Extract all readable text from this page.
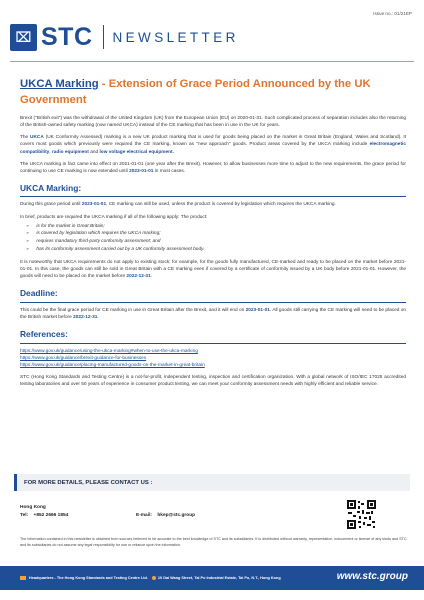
Issue no.: 01/21EP
⌧ STC NEWSLETTER
UKCA Marking - Extension of Grace Period Announced by the UK Government

Brexit ("British exit") was the withdrawal of the United Kingdom (UK) from the European Union (EU) on 2020-01-31. Such complicated process of separation includes also the returning of the British-owned safety marking (now named UKCA) instead of the CE marking that has been in use in the UK for years.

The UKCA (UK Conformity Assessed) marking is a new UK product marking that is used for goods being placed on the market in Great Britain (England, Wales and Scotland). It covers most goods which previously were required the CE marking, known as "new approach" goods. Product areas covered by the UKCA marking include electromagnetic compatibility, radio equipment and low voltage electrical equipment.

The UKCA marking in fact came into effect on 2021-01-01 (one year after the Brexit). However, to allow businesses more time to adjust to the new requirements, the grace period for continuing to use CE marking is now extended until 2023-01-01 in most cases.

UKCA Marking:

During this grace period until 2023-01-01, CE marking can still be used, unless the product is covered by legislation which requires the UKCA marking.

In brief, products are required the UKCA marking if all of the following apply: The product:

➢ is for the market in Great Britain;
➢ is covered by legislation which requires the UKCA marking;
➢ requires mandatory third-party conformity assessment; and
➢ has its conformity assessment carried out by a UK conformity assessment body.

It is noteworthy that UKCA requirements do not apply to existing stock; for example, for the goods fully manufactured, CE-marked and ready to be placed on the market before 2021-01-01. In this case, the goods can still be sold in Great Britain with a CE marking even if covered by a certificate of conformity issued by a UK body before 2021-01-01. However, the goods will need to be placed on the market before 2022-12-31.

Deadline:

This could be the final grace period for CE marking in use in Great Britain after the Brexit, and it will end on 2023-01-01. All goods still carrying the CE marking will need to be placed on the British market before 2022-12-31.

References:
https://www.gov.uk/guidance/using-the-ukca-marking#when-to-use-the-ukca-marking
https://www.gov.uk/guidance/brexit-guidance-for-businesses
https://www.gov.uk/guidance/placing-manufactured-goods-on-the-market-in-great-britain

STC (Hong Kong Standards and Testing Centre) is a not-for-profit, independent testing, inspection and certification organization. With a global network of ISO/IEC 17025 accredited testing laboratories and over 50 years of experience in consumer product testing, we can meet your conformity assessment needs with highly efficient and reliable service.

FOR MORE DETAILS, PLEASE CONTACT US :
Hong Kong
Tel: +852 2666 1854	E-mail: hkep@stc.group
The information contained in this newsletter is obtained from sources believed to be accurate to the best knowledge of STC and its subsidiaries. It is distributed without warranty, representation, inducement or license of any kinds and STC and its subsidiaries do not assume any legal responsibility for use or reliance upon the information.
Headquarters - The Hong Kong Standards and Testing Centre Ltd.	10 Dai Wang Street, Tai Po Industrial Estate, Tai Po, N.T., Hong Kong	www.stc.group
